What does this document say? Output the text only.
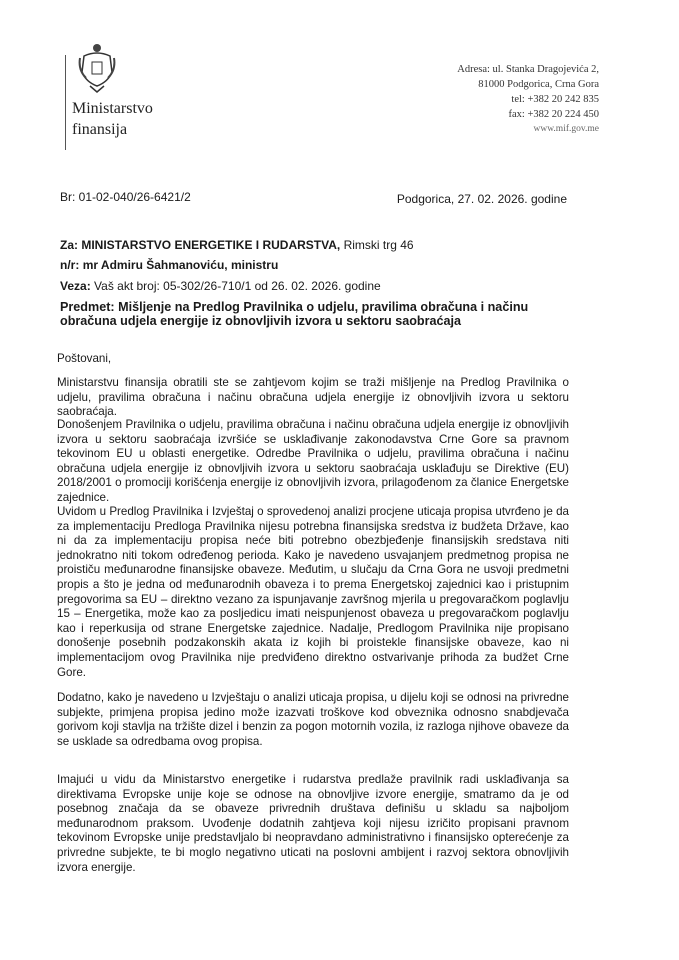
Ministarstvo
finansija
Adresa: ul. Stanka Dragojevića 2,
81000 Podgorica, Crna Gora
tel: +382 20 242 835
fax: +382 20 224 450
www.mif.gov.me
Br: 01-02-040/26-6421/2	Podgorica, 27. 02. 2026. godine
Za: MINISTARSTVO ENERGETIKE I RUDARSTVA, Rimski trg 46
n/r: mr Admiru Šahmanoviću, ministru
Veza: Vaš akt broj: 05-302/26-710/1 od 26. 02. 2026. godine
Predmet: Mišljenje na Predlog Pravilnika o udjelu, pravilima obračuna i načinu obračuna udjela energije iz obnovljivih izvora u sektoru saobraćaja
Poštovani,
Ministarstvu finansija obratili ste se zahtjevom kojim se traži mišljenje na Predlog Pravilnika o udjelu, pravilima obračuna i načinu obračuna udjela energije iz obnovljivih izvora u sektoru saobraćaja.
Donošenjem Pravilnika o udjelu, pravilima obračuna i načinu obračuna udjela energije iz obnovljivih izvora u sektoru saobraćaja izvršiće se usklađivanje zakonodavstva Crne Gore sa pravnom tekovinom EU u oblasti energetike. Odredbe Pravilnika o udjelu, pravilima obračuna i načinu obračuna udjela energije iz obnovljivih izvora u sektoru saobraćaja usklađuju se Direktive (EU) 2018/2001 o promociji korišćenja energije iz obnovljivih izvora, prilagođenom za članice Energetske zajednice.
Uvidom u Predlog Pravilnika i Izvještaj o sprovedenoj analizi procjene uticaja propisa utvrđeno je da za implementaciju Predloga Pravilnika nijesu potrebna finansijska sredstva iz budžeta Države, kao ni da za implementaciju propisa neće biti potrebno obezbjeđenje finansijskih sredstava niti jednokratno niti tokom određenog perioda. Kako je navedeno usvajanjem predmetnog propisa ne proističu međunarodne finansijske obaveze. Međutim, u slučaju da Crna Gora ne usvoji predmetni propis a što je jedna od međunarodnih obaveza i to prema Energetskoj zajednici kao i pristupnim pregovorima sa EU – direktno vezano za ispunjavanje završnog mjerila u pregovaračkom poglavlju 15 – Energetika, može kao za posljedicu imati neispunjenost obaveza u pregovaračkom poglavlju kao i reperkusija od strane Energetske zajednice. Nadalje, Predlogom Pravilnika nije propisano donošenje posebnih podzakonskih akata iz kojih bi proistekle finansijske obaveze, kao ni implementacijom ovog Pravilnika nije predviđeno direktno ostvarivanje prihoda za budžet Crne Gore.
Dodatno, kako je navedeno u Izvještaju o analizi uticaja propisa, u dijelu koji se odnosi na privredne subjekte, primjena propisa jedino može izazvati troškove kod obveznika odnosno snabdjevača gorivom koji stavlja na tržište dizel i benzin za pogon motornih vozila, iz razloga njihove obaveze da se usklade sa odredbama ovog propisa.
Imajući u vidu da Ministarstvo energetike i rudarstva predlaže pravilnik radi usklađivanja sa direktivama Evropske unije koje se odnose na obnovljive izvore energije, smatramo da je od posebnog značaja da se obaveze privrednih društava definišu u skladu sa najboljom međunarodnom praksom. Uvođenje dodatnih zahtjeva koji nijesu izričito propisani pravnom tekovinom Evropske unije predstavljalo bi neopravdano administrativno i finansijsko opterećenje za privredne subjekte, te bi moglo negativno uticati na poslovni ambijent i razvoj sektora obnovljivih izvora energije.
